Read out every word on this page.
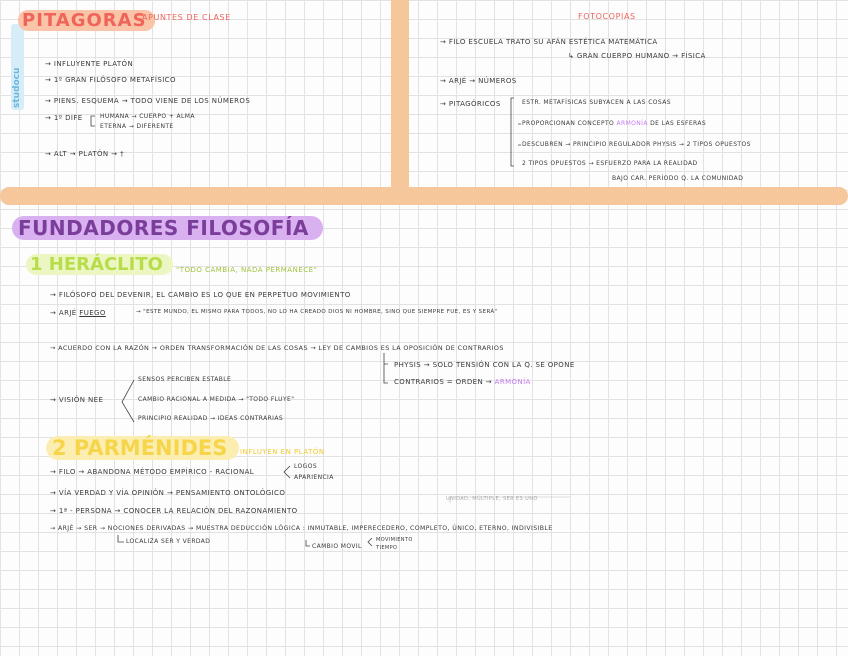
studocu
PITAGORAS
APUNTES DE CLASE	FOTOCOPIAS
FUNDADORES FILOSOFÍA
1 HERÁCLITO	"TODO CAMBIA, NADA PERMANECE"
2 PARMÉNIDES	INFLUYEN EN PLATÓN
→ INFLUYENTE PLATÓN
→ 1º GRAN FILÓSOFO METAFÍSICO
→ PIENS. ESQUEMA → TODO VIENE DE LOS NÚMEROS
→ 1º DIFE	HUMANA → CUERPO + ALMA
ETERNA → DIFERENTE
→ ALT → PLATÓN → †
→ FILO ESCUELA TRATO SU AFÁN ESTÉTICA MATEMÁTICA
↳ GRAN CUERPO HUMANO → FÍSICA
→ ARJÉ → NÚMEROS
→ PITAGÓRICOS	ESTR. METAFÍSICAS SUBYACEN A LAS COSAS
PROPORCIONAN CONCEPTO ARMONÍA DE LAS ESFERAS
DESCUBREN → PRINCIPIO REGULADOR PHYSIS → 2 TIPOS OPUESTOS
2 TIPOS OPUESTOS → ESFUERZO PARA LA REALIDAD
BAJO CAR. PERÍODO Q. LA COMUNIDAD
→ FILÓSOFO DEL DEVENIR, EL CAMBIO ES LO QUE EN PERPETUO MOVIMIENTO
→ ARJÉ FUEGO	→ "ESTE MUNDO, EL MISMO PARA TODOS, NO LO HA CREADO DIOS NI HOMBRE, SINO QUE SIEMPRE FUE, ES Y SERÁ"
→ ACUERDO CON LA RAZÓN → ORDEN TRANSFORMACIÓN DE LAS COSAS → LEY DE CAMBIOS ES LA OPOSICIÓN DE CONTRARIOS
PHYSIS → SOLO TENSIÓN CON LA Q. SE OPONE
CONTRARIOS = ORDEN → ARMONÍA
→ VISIÓN NEE
SENSOS PERCIBEN ESTABLE
CAMBIO RACIONAL A MEDIDA → "TODO FLUYE"
PRINCIPIO REALIDAD → IDEAS CONTRARIAS
→ FILO → ABANDONA MÉTODO EMPÍRICO - RACIONAL
LOGOS
APARIENCIA
→ VÍA VERDAD Y VÍA OPINIÓN → PENSAMIENTO ONTOLÓGICO
→ 1ª - PERSONA → CONOCER LA RELACIÓN DEL RAZONAMIENTO
→ ARJÉ → SER → NOCIONES DERIVADAS → MUESTRA DEDUCCIÓN LÓGICA : INMUTABLE, IMPERECEDERO, COMPLETO, ÚNICO, ETERNO, INDIVISIBLE
LOCALIZA SER Y VERDAD
CAMBIO MOVIL
MOVIMIENTO
TIEMPO
UNIDAD, MÚLTIPLE, SER ES UNO
